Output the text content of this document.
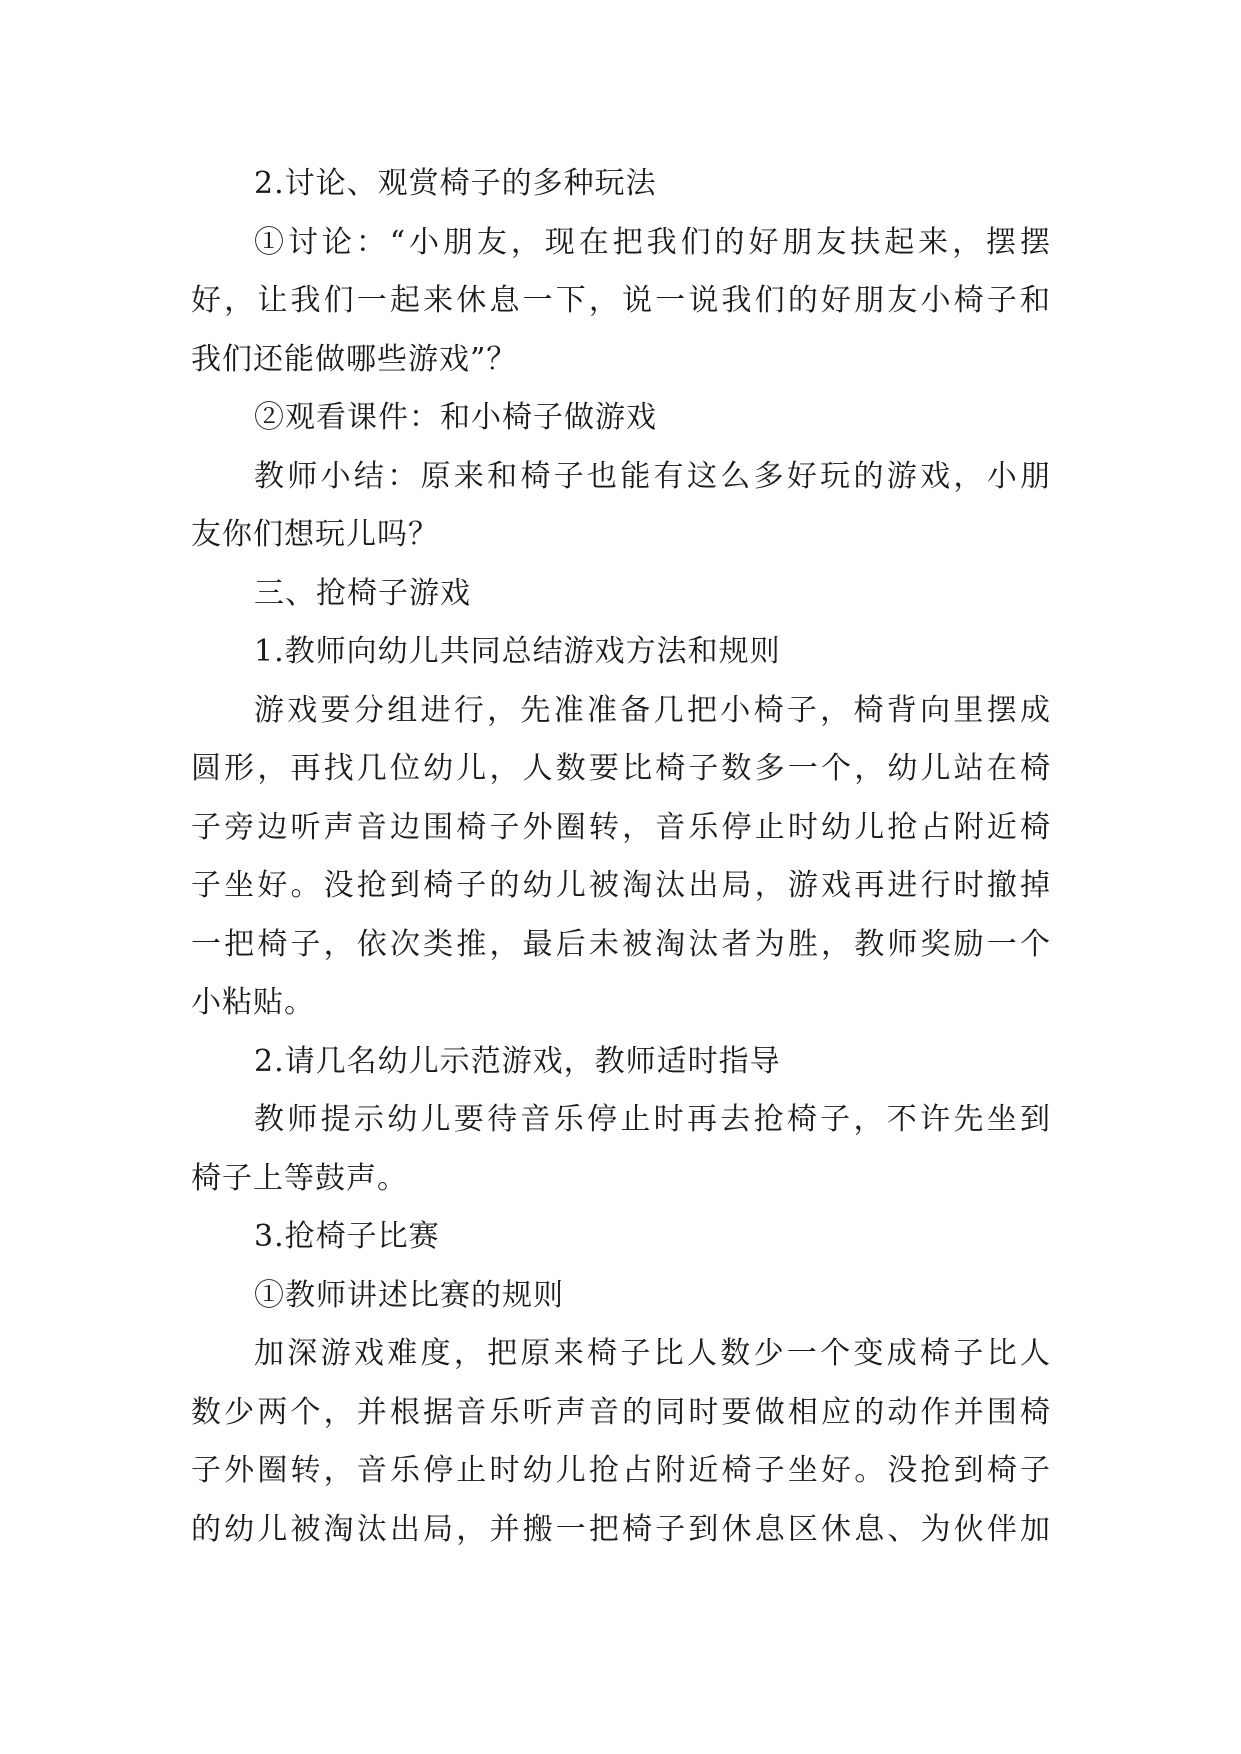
2.讨论、观赏椅子的多种玩法
①讨论：“小朋友，现在把我们的好朋友扶起来，摆摆
好，让我们一起来休息一下，说一说我们的好朋友小椅子和
我们还能做哪些游戏”？
②观看课件：和小椅子做游戏
教师小结：原来和椅子也能有这么多好玩的游戏，小朋
友你们想玩儿吗？
三、抢椅子游戏
1.教师向幼儿共同总结游戏方法和规则
游戏要分组进行，先准准备几把小椅子，椅背向里摆成
圆形，再找几位幼儿，人数要比椅子数多一个，幼儿站在椅
子旁边听声音边围椅子外圈转，音乐停止时幼儿抢占附近椅
子坐好。没抢到椅子的幼儿被淘汰出局，游戏再进行时撤掉
一把椅子，依次类推，最后未被淘汰者为胜，教师奖励一个
小粘贴。
2.请几名幼儿示范游戏，教师适时指导
教师提示幼儿要待音乐停止时再去抢椅子，不许先坐到
椅子上等鼓声。
3.抢椅子比赛
①教师讲述比赛的规则
加深游戏难度，把原来椅子比人数少一个变成椅子比人
数少两个，并根据音乐听声音的同时要做相应的动作并围椅
子外圈转，音乐停止时幼儿抢占附近椅子坐好。没抢到椅子
的幼儿被淘汰出局，并搬一把椅子到休息区休息、为伙伴加
